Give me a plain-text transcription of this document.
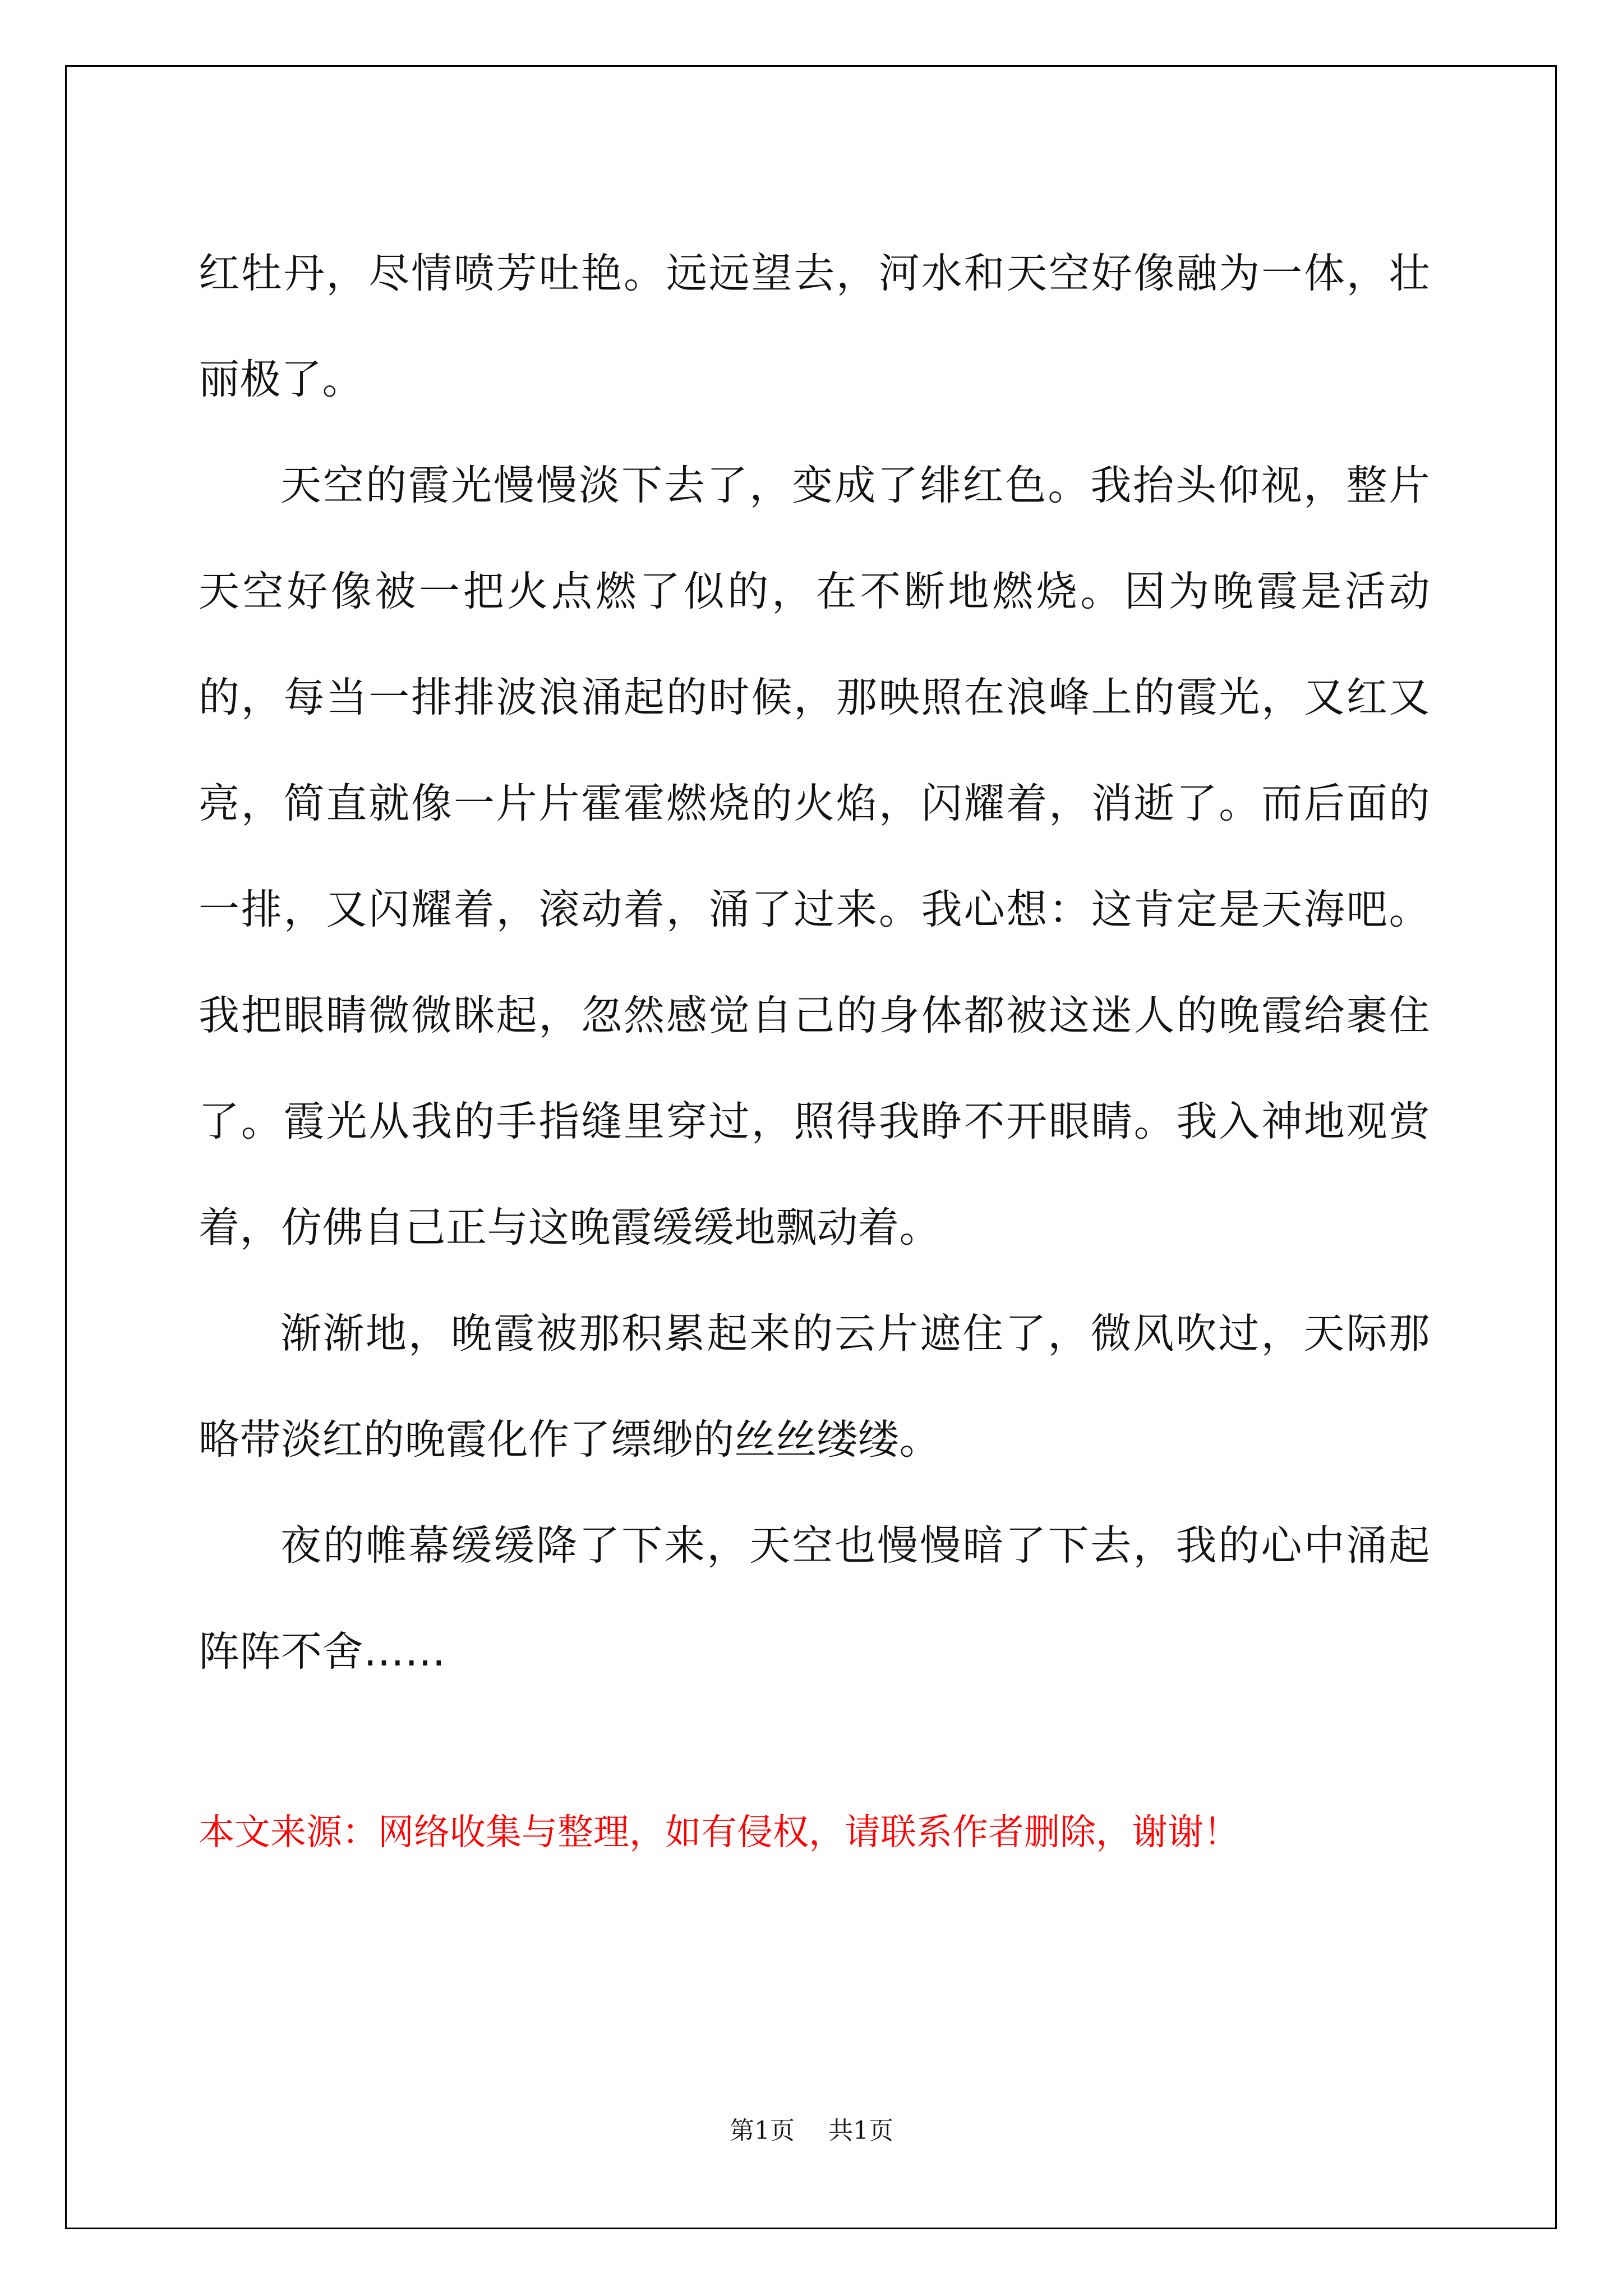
红牡丹，尽情喷芳吐艳。远远望去，河水和天空好像融为一体，壮丽极了。

天空的霞光慢慢淡下去了，变成了绯红色。我抬头仰视，整片天空好像被一把火点燃了似的，在不断地燃烧。因为晚霞是活动的，每当一排排波浪涌起的时候，那映照在浪峰上的霞光，又红又亮，简直就像一片片霍霍燃烧的火焰，闪耀着，消逝了。而后面的一排，又闪耀着，滚动着，涌了过来。我心想：这肯定是天海吧。我把眼睛微微眯起，忽然感觉自己的身体都被这迷人的晚霞给裹住了。霞光从我的手指缝里穿过，照得我睁不开眼睛。我入神地观赏着，仿佛自己正与这晚霞缓缓地飘动着。

渐渐地，晚霞被那积累起来的云片遮住了，微风吹过，天际那略带淡红的晚霞化作了缥缈的丝丝缕缕。

夜的帷幕缓缓降了下来，天空也慢慢暗了下去，我的心中涌起阵阵不舍……

本文来源：网络收集与整理，如有侵权，请联系作者删除，谢谢！

第1页 共1页
